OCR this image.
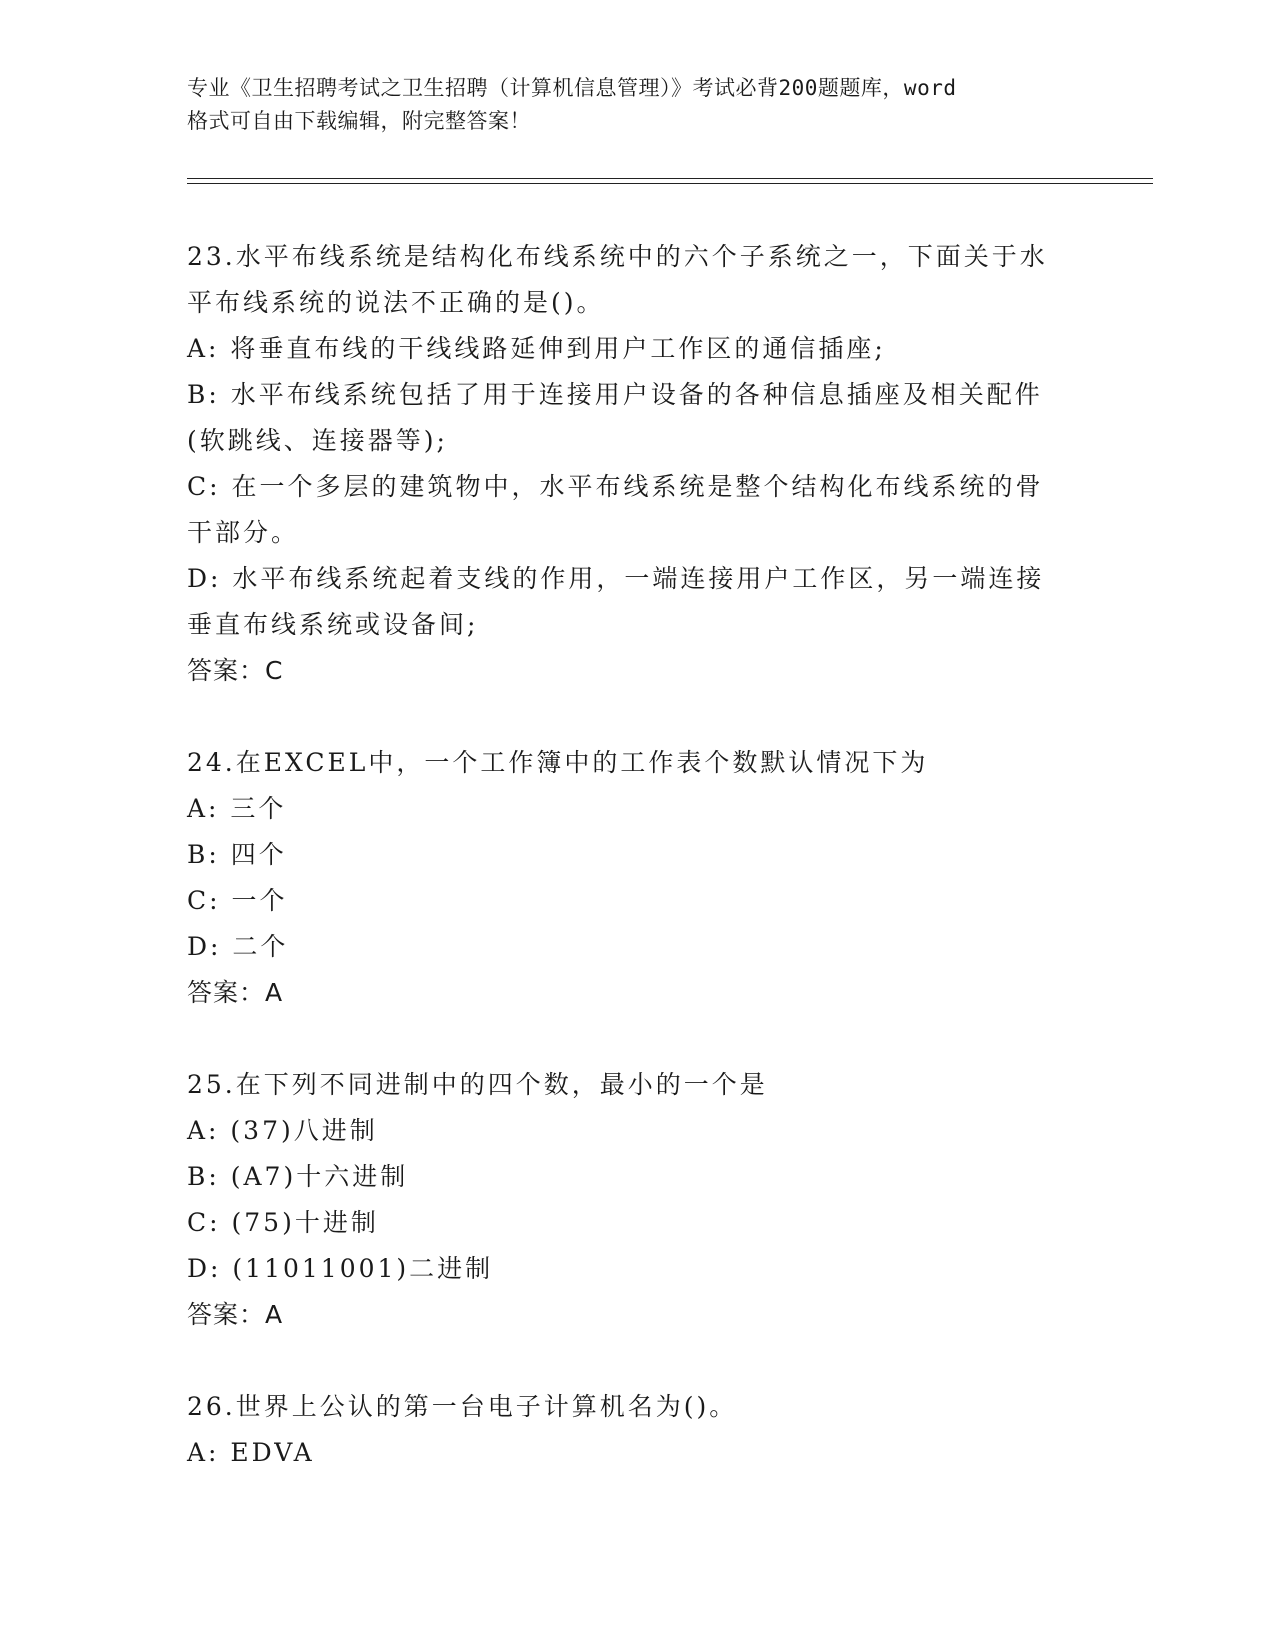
专业《卫生招聘考试之卫生招聘（计算机信息管理）》考试必背200题题库，word
格式可自由下载编辑，附完整答案！

23.水平布线系统是结构化布线系统中的六个子系统之一，下面关于水

平布线系统的说法不正确的是()。

A: 将垂直布线的干线线路延伸到用户工作区的通信插座;

B: 水平布线系统包括了用于连接用户设备的各种信息插座及相关配件

(软跳线、连接器等);

C: 在一个多层的建筑物中，水平布线系统是整个结构化布线系统的骨

干部分。

D: 水平布线系统起着支线的作用，一端连接用户工作区，另一端连接

垂直布线系统或设备间;

答案：C

24.在EXCEL中，一个工作簿中的工作表个数默认情况下为

A: 三个

B: 四个

C: 一个

D: 二个

答案：A

25.在下列不同进制中的四个数，最小的一个是

A: (37)八进制

B: (A7)十六进制

C: (75)十进制

D: (11011001)二进制

答案：A

26.世界上公认的第一台电子计算机名为()。

A: EDVA
